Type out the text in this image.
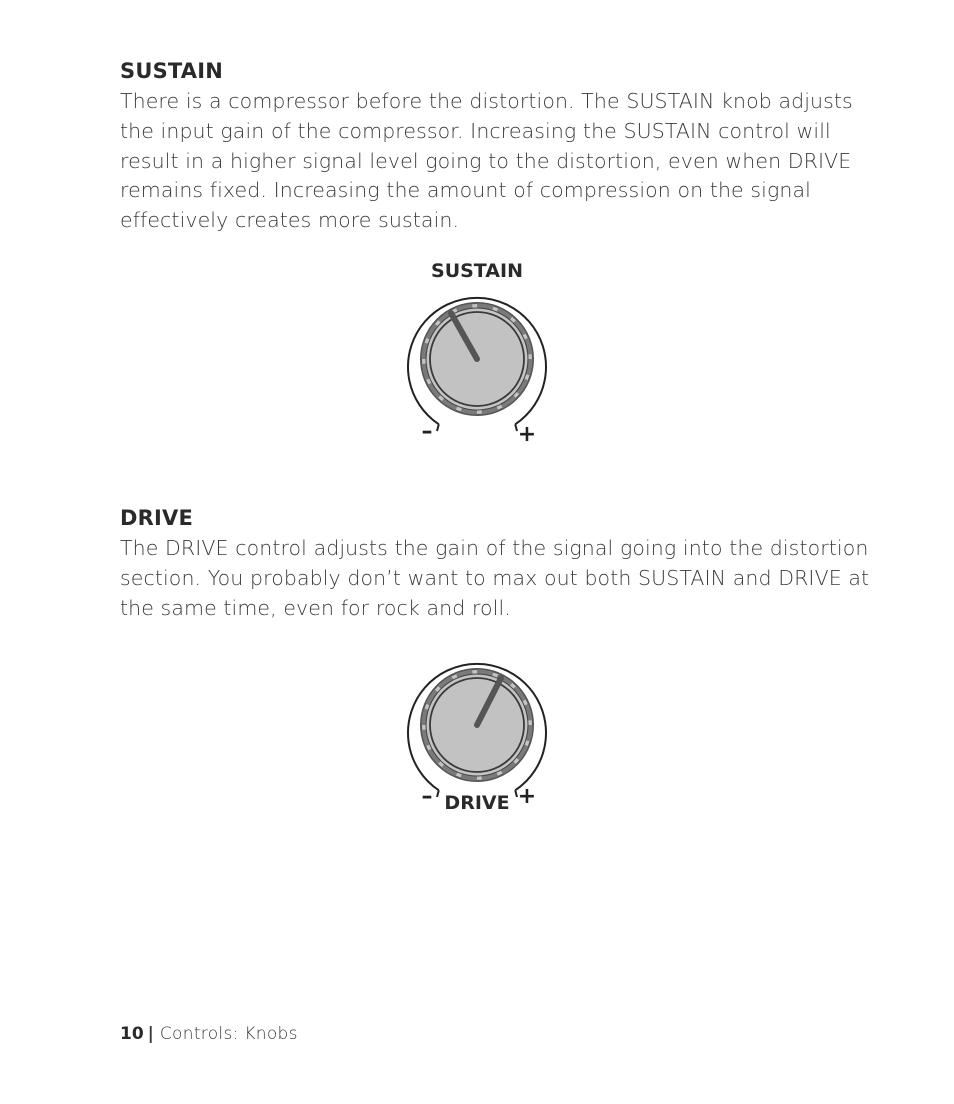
SUSTAIN

There is a compressor before the distortion. The SUSTAIN knob adjusts the input gain of the compressor. Increasing the SUSTAIN control will result in a higher signal level going to the distortion, even when DRIVE remains fixed. Increasing the amount of compression on the signal effectively creates more sustain.

SUSTAIN
–	+
DRIVE

The DRIVE control adjusts the gain of the signal going into the distortion section. You probably don’t want to max out both SUSTAIN and DRIVE at the same time, even for rock and roll.

–	+
DRIVE
10 | Controls: Knobs
